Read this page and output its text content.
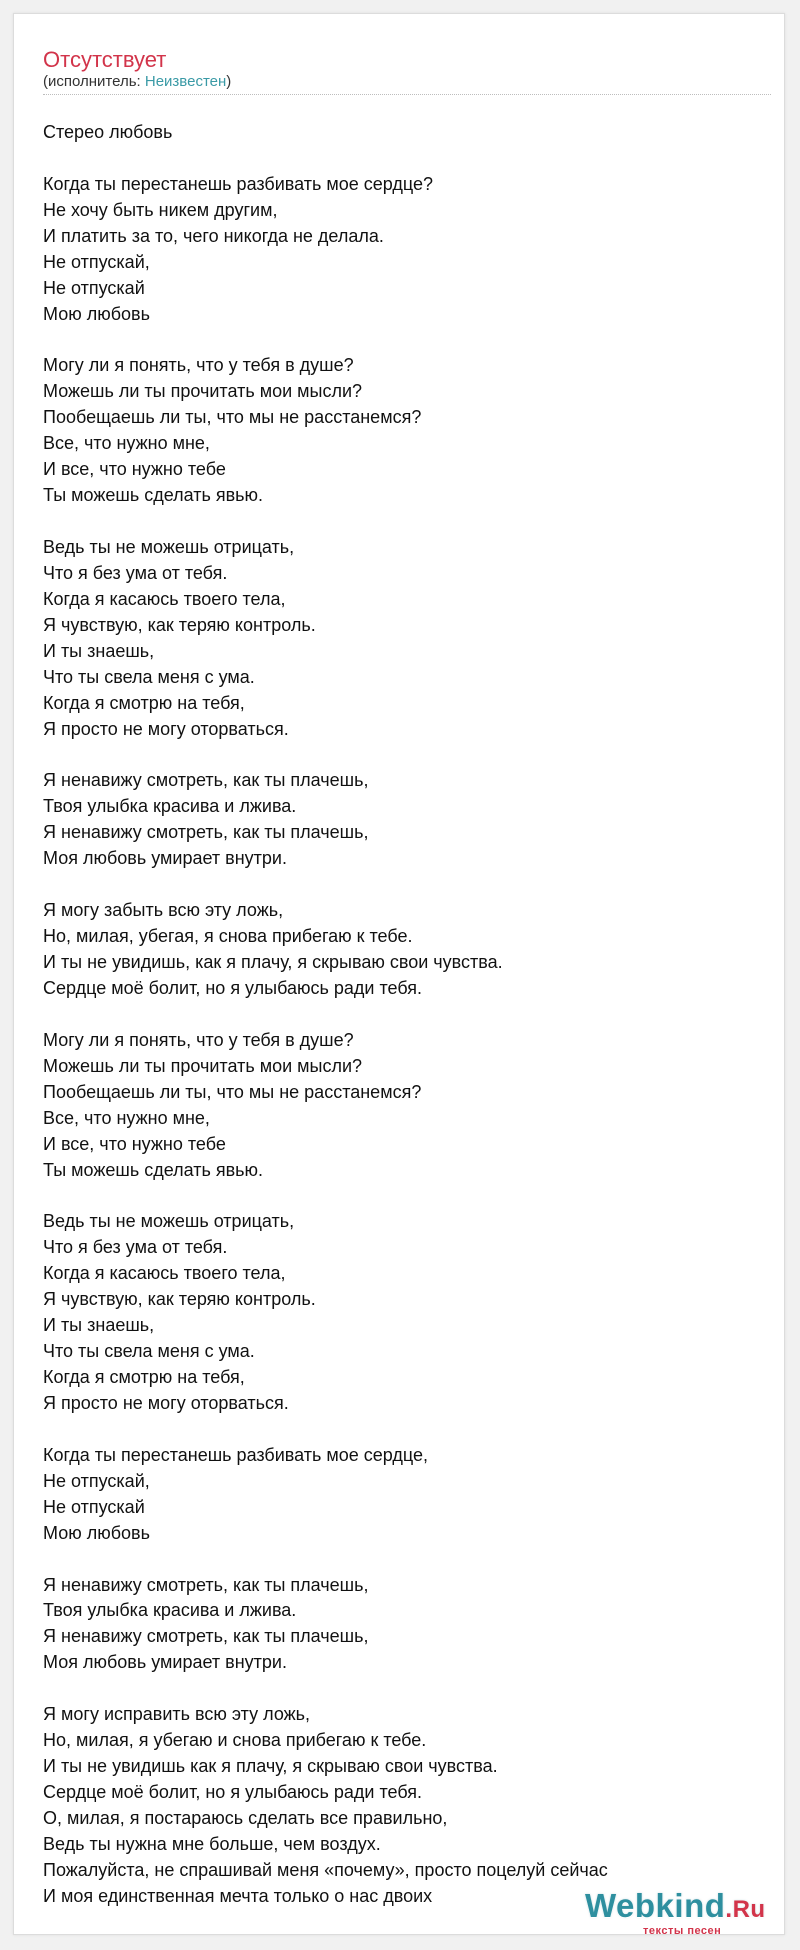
Отсутствует
(исполнитель: Неизвестен)
Стерео любовь
Когда ты перестанешь разбивать мое сердце?
Не хочу быть никем другим,
И платить за то, чего никогда не делала.
Не отпускай,
Не отпускай
Мою любовь
Могу ли я понять, что у тебя в душе?
Можешь ли ты прочитать мои мысли?
Пообещаешь ли ты, что мы не расстанемся?
Все, что нужно мне,
И все, что нужно тебе
Ты можешь сделать явью.
Ведь ты не можешь отрицать,
Что я без ума от тебя.
Когда я касаюсь твоего тела,
Я чувствую, как теряю контроль.
И ты знаешь,
Что ты свела меня с ума.
Когда я смотрю на тебя,
Я просто не могу оторваться.
Я ненавижу смотреть, как ты плачешь,
Твоя улыбка красива и лжива.
Я ненавижу смотреть, как ты плачешь,
Моя любовь умирает внутри.
Я могу забыть всю эту ложь,
Но, милая, убегая, я снова прибегаю к тебе.
И ты не увидишь, как я плачу, я скрываю свои чувства.
Сердце моё болит, но я улыбаюсь ради тебя.
Могу ли я понять, что у тебя в душе?
Можешь ли ты прочитать мои мысли?
Пообещаешь ли ты, что мы не расстанемся?
Все, что нужно мне,
И все, что нужно тебе
Ты можешь сделать явью.
Ведь ты не можешь отрицать,
Что я без ума от тебя.
Когда я касаюсь твоего тела,
Я чувствую, как теряю контроль.
И ты знаешь,
Что ты свела меня с ума.
Когда я смотрю на тебя,
Я просто не могу оторваться.
Когда ты перестанешь разбивать мое сердце,
Не отпускай,
Не отпускай
Мою любовь
Я ненавижу смотреть, как ты плачешь,
Твоя улыбка красива и лжива.
Я ненавижу смотреть, как ты плачешь,
Моя любовь умирает внутри.
Я могу исправить всю эту ложь,
Но, милая, я убегаю и снова прибегаю к тебе.
И ты не увидишь как я плачу, я скрываю свои чувства.
Сердце моё болит, но я улыбаюсь ради тебя.
О, милая, я постараюсь сделать все правильно,
Ведь ты нужна мне больше, чем воздух.
Пожалуйста, не спрашивай меня «почему», просто поцелуй сейчас
И моя единственная мечта только о нас двоих	Webkind.Ru
тексты песен
